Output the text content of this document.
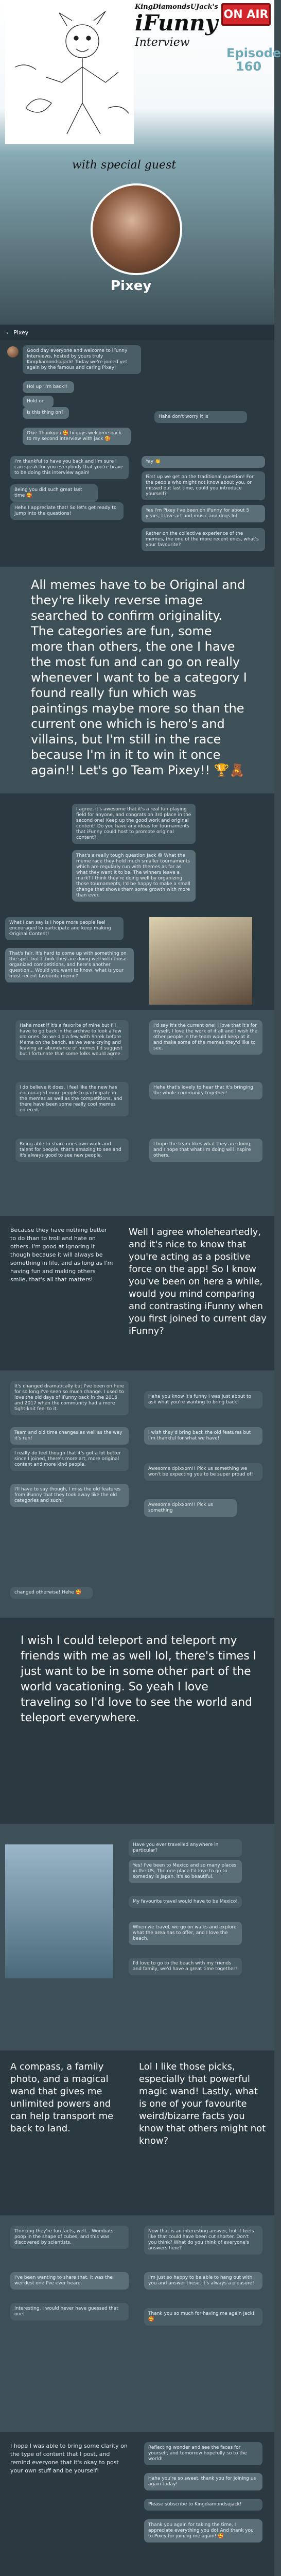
KingDiamondsUJack's
iFunny
Interview
ON AIR
Episode
160
with special guest
Pixey
‹ Pixey
Good day everyone and welcome to iFunny Interviews, hosted by yours truly Kingdiamondsujack! Today we're joined yet again by the famous and caring Pixey!
Hol up 'i'm back!!
Hold on
Is this thing on?
Haha don't worry it is
Okie Thankyou 🥰 hi guys welcome back to my second interview with jack 🥰
I'm thankful to have you back and I'm sure I can speak for you everybody that you're brave to be doing this interview again!
Being you did such great last time 🥰
Hehe I appreciate that! So let's get ready to jump into the questions!
Yay 👏
First up we get on the traditional question! For the people who might not know about you, or missed out last time, could you introduce yourself?
Yes I'm Pixey I've been on iFunny for about 5 years, I love art and music and dogs lol
Rather on the collective experience of the memes, the one of the more recent ones, what's your favourite?
All memes have to be Original and they're likely reverse image searched to confirm originality. The categories are fun, some more than others, the one I have the most fun and can go on really whenever I want to be a category I found really fun which was paintings maybe more so than the current one which is hero's and villains, but I'm still in the race because I'm in it to win it once again!! Let's go Team Pixey!! 🏆🧸
I agree, it's awesome that it's a real fun playing field for anyone, and congrats on 3rd place in the second one! Keep up the good work and original content! Do you have any ideas for tournaments that iFunny could host to promote original content?
That's a really tough question Jack 😅 What the meme race they hold much smaller tournaments which are regularly run with themes as far as what they want it to be. The winners leave a mark? I think they're doing well by organizing those tournaments, I'd be happy to make a small change that shows them some growth with more than ever.
What I can say is I hope more people feel encouraged to participate and keep making Original Content!
That's fair, it's hard to come up with something on the spot, but I think they are doing well with those organized competitions, and here's another question... Would you want to know, what is your most recent favourite meme?
Haha most if it's a favorite of mine but I'll have to go back in the archive to look a few old ones. So we did a few with Shrek before Meme on the bench, as we were crying and leaving an abundance of memes I'd suggest but I fortunate that some folks would agree.
I'd say it's the current one! I love that it's for myself, I love the work of it all and I wish the other people in the team would keep at it and make some of the memes they'd like to see.
I do believe it does, I feel like the new has encouraged more people to participate in the memes as well as the competitions, and there have been some really cool memes entered.
Hehe that's lovely to hear that it's bringing the whole community together!
Being able to share ones own work and talent for people, that's amazing to see and it's always good to see new people.
I hope the team likes what they are doing, and I hope that what I'm doing will inspire others.
Because they have nothing better to do than to troll and hate on others. I'm good at ignoring it though because it will always be something in life, and as long as I'm having fun and making others smile, that's all that matters!
Well I agree wholeheartedly, and it's nice to know that you're acting as a positive force on the app! So I know you've been on here a while, would you mind comparing and contrasting iFunny when you first joined to current day iFunny?
It's changed dramatically but I've been on here for so long I've seen so much change. I used to love the old days of iFunny back in the 2016 and 2017 when the community had a more tight-knit feel to it.
Team and old time changes as well as the way it's run!
I really do feel though that it's got a lot better since I joined, there's more art, more original content and more kind people.
I'll have to say though, I miss the old features from iFunny that they took away like the old categories and such.
Haha you know it's funny I was just about to ask what you're wanting to bring back!
I wish they'd bring back the old features but I'm thankful for what we have!
Awesome dpixxom!! Pick us something we won't be expecting you to be super proud of!
Awesome dpixxom!! Pick us something
changed otherwise! Hehe 🥰
I wish I could teleport and teleport my friends with me as well lol, there's times I just want to be in some other part of the world vacationing. So yeah I love traveling so I'd love to see the world and teleport everywhere.
Have you ever travelled anywhere in particular?
Yes! I've been to Mexico and so many places in the US. The one place I'd love to go to someday is Japan, it's so beautiful.
My favourite travel would have to be Mexico!
When we travel, we go on walks and explore what the area has to offer, and I love the beach.
I'd love to go to the beach with my friends and family, we'd have a great time together!
A compass, a family photo, and a magical wand that gives me unlimited powers and can help transport me back to land.
Lol I like those picks, especially that powerful magic wand! Lastly, what is one of your favourite weird/bizarre facts you know that others might not know?
Thinking they're fun facts, well... Wombats poop in the shape of cubes, and this was discovered by scientists.
I've been wanting to share that, it was the weirdest one I've ever heard.
Interesting, I would never have guessed that one!
Now that is an interesting answer, but it feels like that could have been cut shorter. Don't you think? What do you think of everyone's answers here?
I'm just so happy to be able to hang out with you and answer these, it's always a pleasure!
Thank you so much for having me again Jack! 🥰
I hope I was able to bring some clarity on the type of content that I post, and remind everyone that it's okay to post your own stuff and be yourself!
Reflecting wonder and see the faces for yourself, and tomorrow hopefully so to the world!
Haha you're so sweet, thank you for joining us again today!
Please subscribe to Kingdiamondsujack!
Thank you again for taking the time, I appreciate everything you do! And thank you to Pixey for joining me again! 🥰
